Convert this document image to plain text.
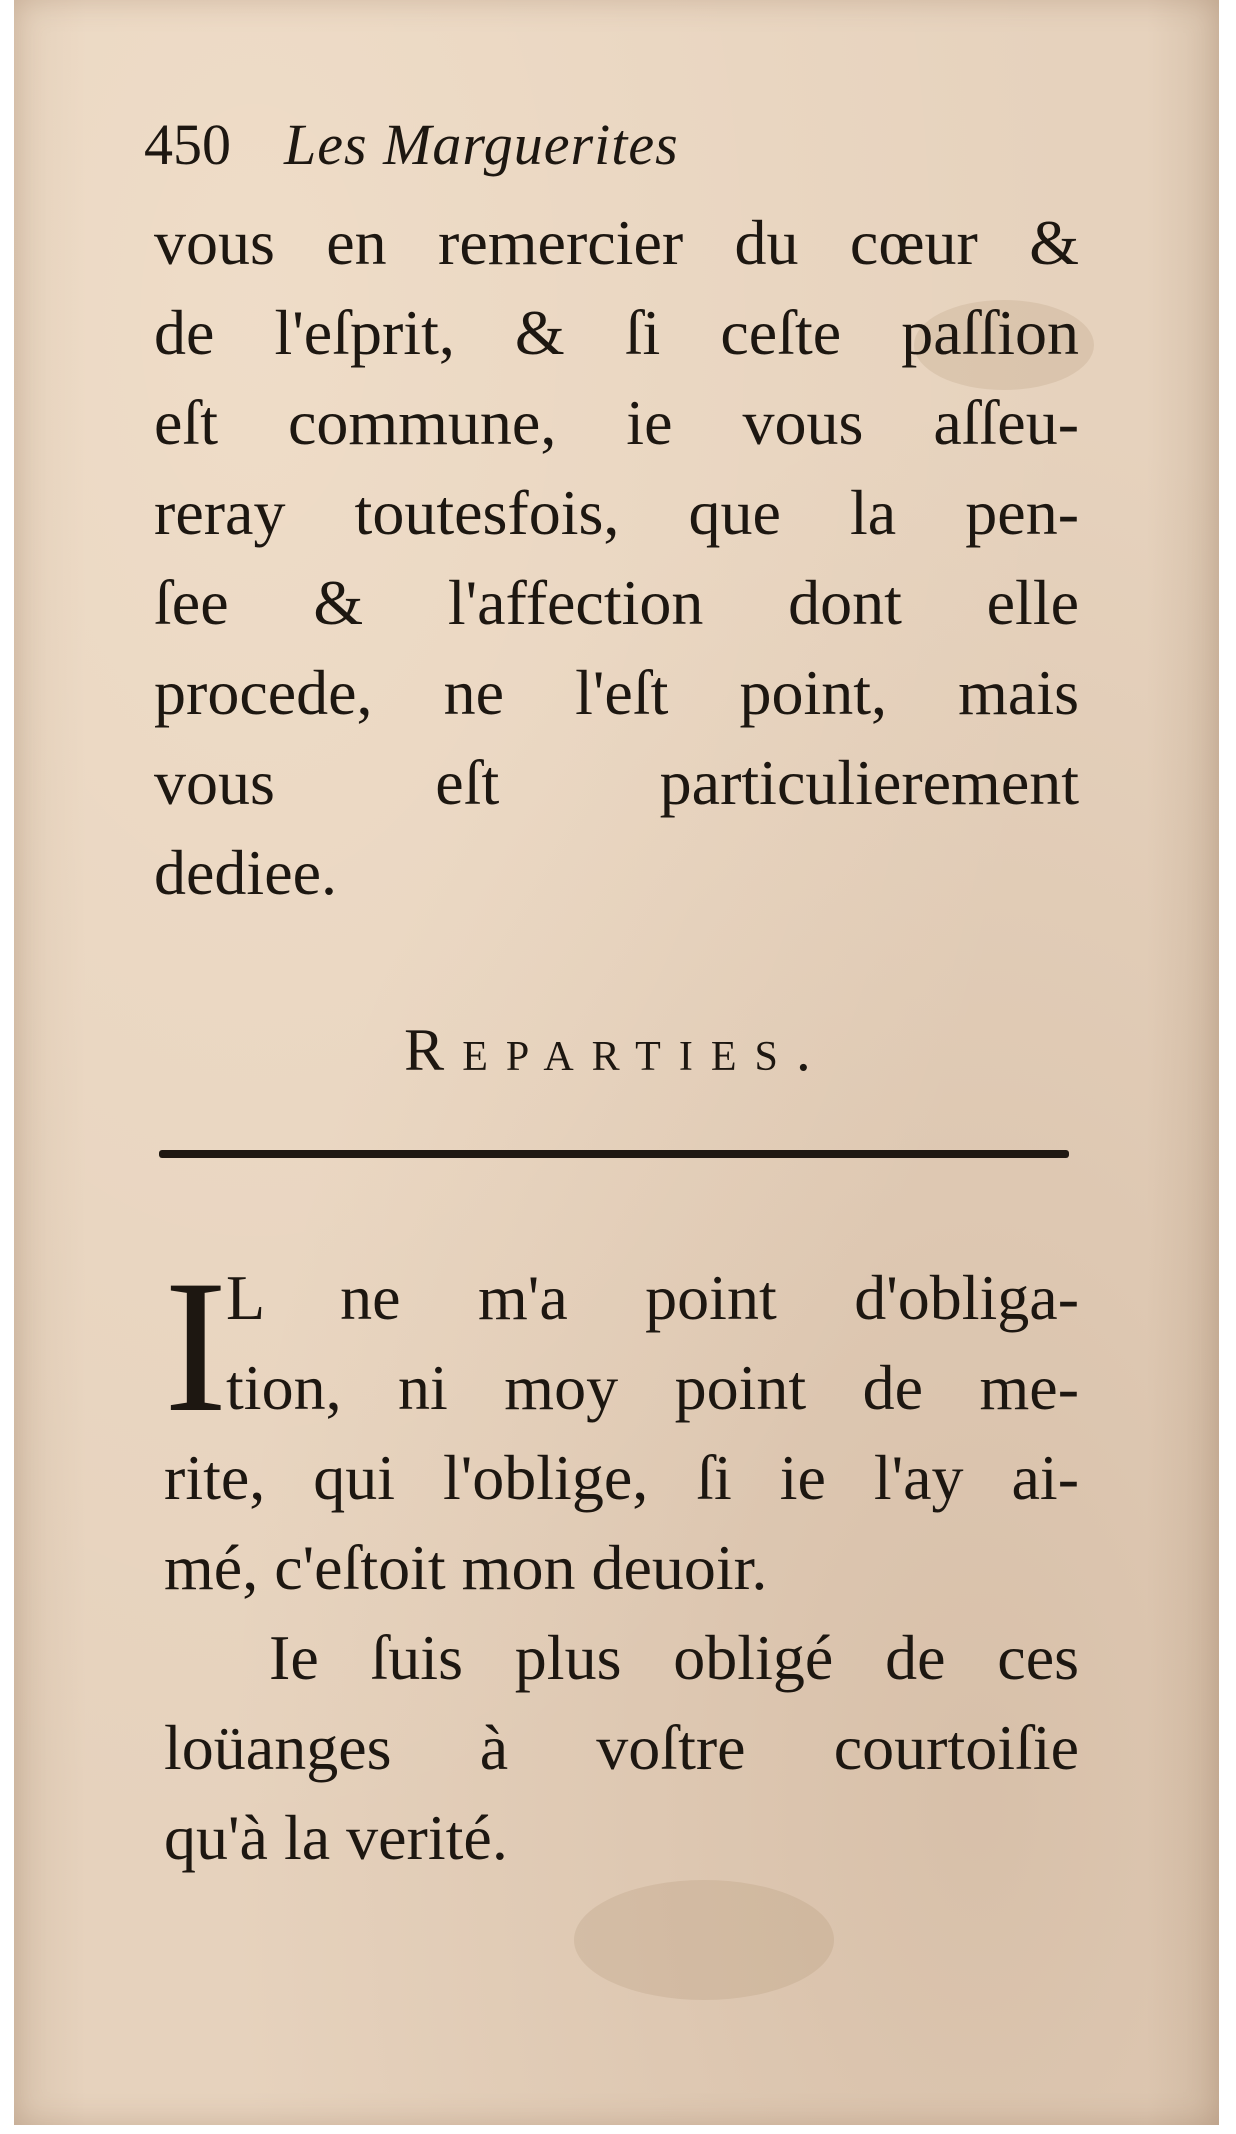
450 Les Marguerites
vous en remercier du cœur &
de l'eſprit, & ſi ceſte paſſion
eſt commune, ie vous aſſeu-
reray toutesfois, que la pen-
ſee & l'affection dont elle
procede, ne l'eſt point, mais
vous eſt particulierement
dediee.
Reparties.
I
L ne m'a point d'obliga-
tion, ni moy point de me-
rite, qui l'oblige, ſi ie l'ay ai-
mé, c'eſtoit mon deuoir.
Ie ſuis plus obligé de ces
loüanges à voſtre courtoiſie
qu'à la verité.
